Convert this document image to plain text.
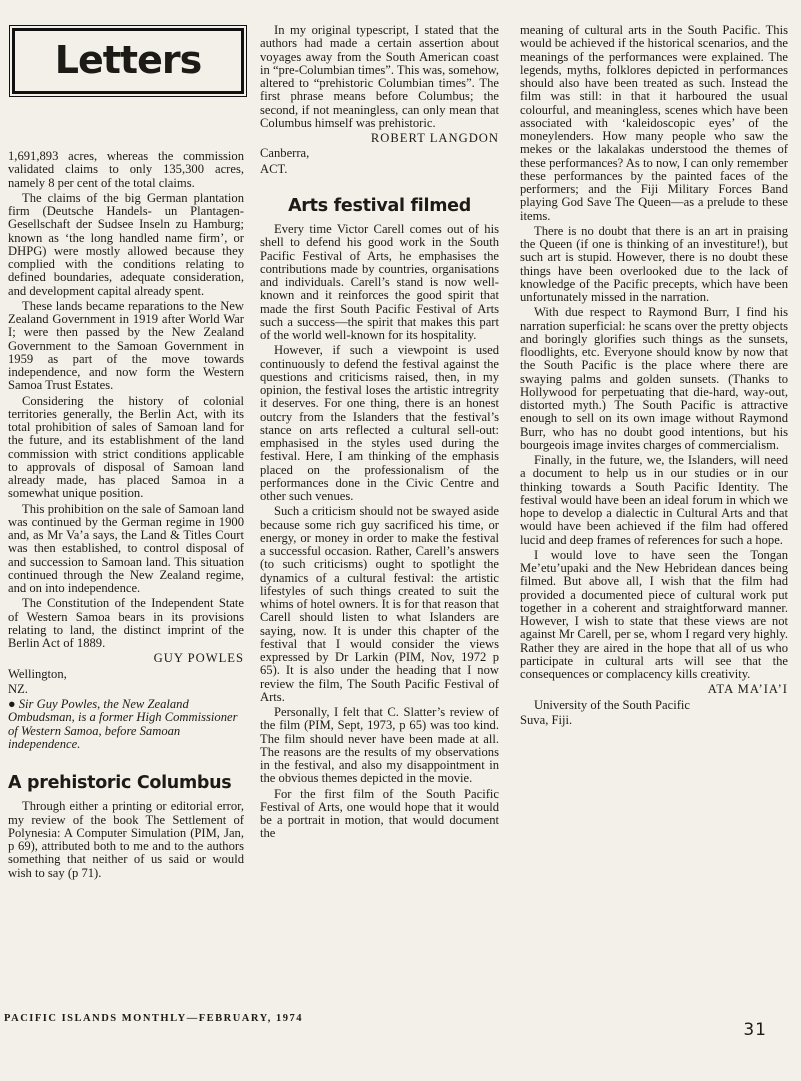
Letters

1,691,893 acres, whereas the commission validated claims to only 135,300 acres, namely 8 per cent of the total claims.

The claims of the big German plantation firm (Deutsche Handels- un Plantagen-Gesellschaft der Sudsee Inseln zu Hamburg; known as ‘the long handled name firm’, or DHPG) were mostly allowed because they complied with the conditions relating to defined boundaries, adequate consideration, and development capital already spent.

These lands became reparations to the New Zealand Government in 1919 after World War I; were then passed by the New Zealand Government to the Samoan Government in 1959 as part of the move towards independence, and now form the Western Samoa Trust Estates.

Considering the history of colonial territories generally, the Berlin Act, with its total prohibition of sales of Samoan land for the future, and its establishment of the land commission with strict conditions applicable to approvals of disposal of Samoan land already made, has placed Samoa in a somewhat unique position.

This prohibition on the sale of Samoan land was continued by the German regime in 1900 and, as Mr Va’a says, the Land & Titles Court was then established, to control disposal of and succession to Samoan land. This situation continued through the New Zealand regime, and on into independence.

The Constitution of the Independent State of Western Samoa bears in its provisions relating to land, the distinct imprint of the Berlin Act of 1889.

GUY POWLES

Wellington,

NZ.

● Sir Guy Powles, the New Zealand Ombudsman, is a former High Commissioner of Western Samoa, before Samoan independence.

A prehistoric Columbus

Through either a printing or editorial error, my review of the book The Settlement of Polynesia: A Computer Simulation (PIM, Jan, p 69), attributed both to me and to the authors something that neither of us said or would wish to say (p 71).

In my original typescript, I stated that the authors had made a certain assertion about voyages away from the South American coast in “pre-Columbian times”. This was, somehow, altered to “prehistoric Columbian times”. The first phrase means before Columbus; the second, if not meaningless, can only mean that Columbus himself was prehistoric.

ROBERT LANGDON

Canberra,

ACT.

Arts festival filmed

Every time Victor Carell comes out of his shell to defend his good work in the South Pacific Festival of Arts, he emphasises the contributions made by countries, organisations and individuals. Carell’s stand is now well-known and it reinforces the good spirit that made the first South Pacific Festival of Arts such a success—the spirit that makes this part of the world well-known for its hospitality.

However, if such a viewpoint is used continuously to defend the festival against the questions and criticisms raised, then, in my opinion, the festival loses the artistic intregrity it deserves. For one thing, there is an honest outcry from the Islanders that the festival’s stance on arts reflected a cultural sell-out: emphasised in the styles used during the festival. Here, I am thinking of the emphasis placed on the professionalism of the performances done in the Civic Centre and other such venues.

Such a criticism should not be swayed aside because some rich guy sacrificed his time, or energy, or money in order to make the festival a successful occasion. Rather, Carell’s answers (to such criticisms) ought to spotlight the dynamics of a cultural festival: the artistic lifestyles of such things created to suit the whims of hotel owners. It is for that reason that Carell should listen to what Islanders are saying, now. It is under this chapter of the festival that I would consider the views expressed by Dr Larkin (PIM, Nov, 1972 p 65). It is also under the heading that I now review the film, The South Pacific Festival of Arts.

Personally, I felt that C. Slatter’s review of the film (PIM, Sept, 1973, p 65) was too kind. The film should never have been made at all. The reasons are the results of my observations in the festival, and also my disappointment in the obvious themes depicted in the movie.

For the first film of the South Pacific Festival of Arts, one would hope that it would be a portrait in motion, that would document the

meaning of cultural arts in the South Pacific. This would be achieved if the historical scenarios, and the meanings of the performances were explained. The legends, myths, folklores depicted in performances should also have been treated as such. Instead the film was still: in that it harboured the usual colourful, and meaningless, scenes which have been associated with ‘kaleidoscopic eyes’ of the moneylenders. How many people who saw the mekes or the lakalakas understood the themes of these performances? As to now, I can only remember these performances by the painted faces of the performers; and the Fiji Military Forces Band playing God Save The Queen—as a prelude to these items.

There is no doubt that there is an art in praising the Queen (if one is thinking of an investiture!), but such art is stupid. However, there is no doubt these things have been overlooked due to the lack of knowledge of the Pacific precepts, which have been unfortunately missed in the narration.

With due respect to Raymond Burr, I find his narration superficial: he scans over the pretty objects and boringly glorifies such things as the sunsets, floodlights, etc. Everyone should know by now that the South Pacific is the place where there are swaying palms and golden sunsets. (Thanks to Hollywood for perpetuating that die-hard, way-out, distorted myth.) The South Pacific is attractive enough to sell on its own image without Raymond Burr, who has no doubt good intentions, but his bourgeois image invites charges of commercialism.

Finally, in the future, we, the Islanders, will need a document to help us in our studies or in our thinking towards a South Pacific Identity. The festival would have been an ideal forum in which we hope to develop a dialectic in Cultural Arts and that would have been achieved if the film had offered lucid and deep frames of references for such a hope.

I would love to have seen the Tongan Me’etu’upaki and the New Hebridean dances being filmed. But above all, I wish that the film had provided a documented piece of cultural work put together in a coherent and straightforward manner. However, I wish to state that these views are not against Mr Carell, per se, whom I regard very highly. Rather they are aired in the hope that all of us who participate in cultural arts will see that the consequences or complacency kills creativity.

ATA MA’IA’I

University of the South Pacific

Suva, Fiji.

PACIFIC ISLANDS MONTHLY—FEBRUARY, 1974
31
